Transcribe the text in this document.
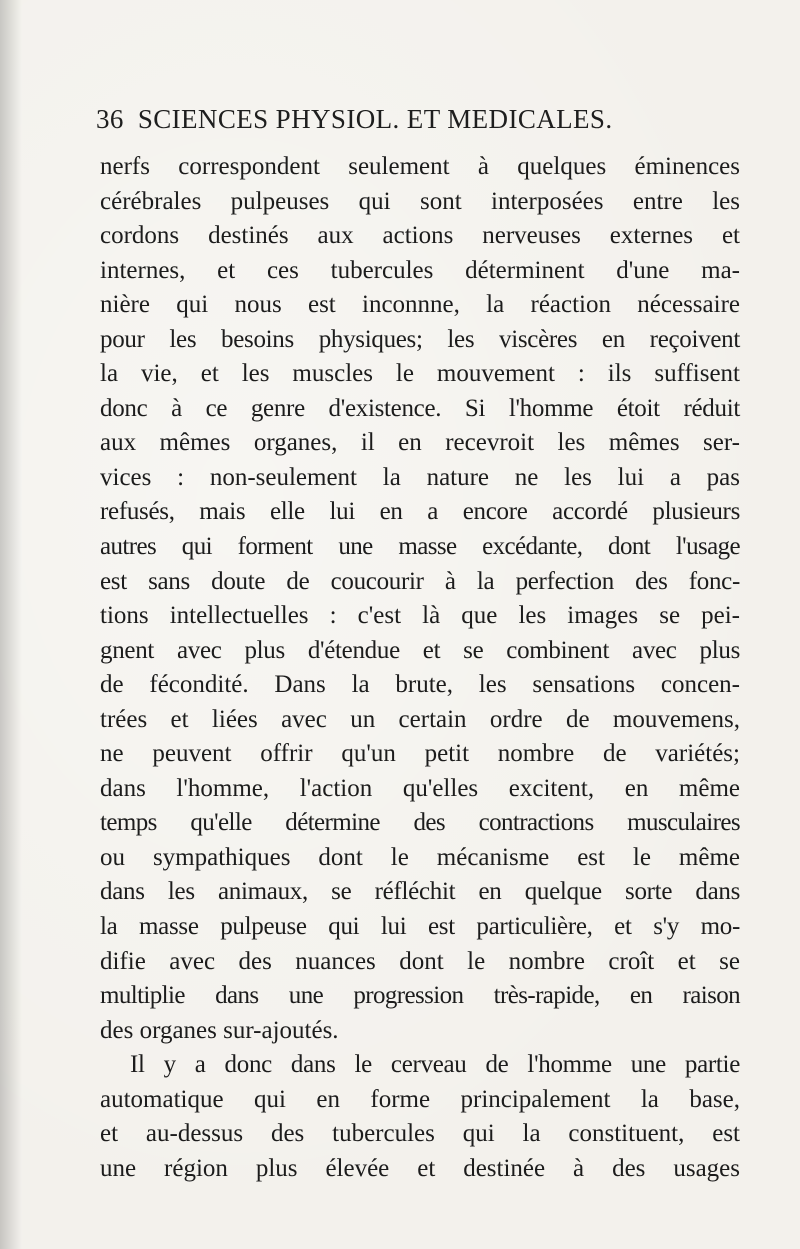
36 SCIENCES PHYSIOL. ET MEDICALES.
nerfs correspondent seulement à quelques éminences
cérébrales pulpeuses qui sont interposées entre les
cordons destinés aux actions nerveuses externes et
internes, et ces tubercules déterminent d'une ma-
nière qui nous est inconnne, la réaction nécessaire
pour les besoins physiques; les viscères en reçoivent
la vie, et les muscles le mouvement : ils suffisent
donc à ce genre d'existence. Si l'homme étoit réduit
aux mêmes organes, il en recevroit les mêmes ser-
vices : non-seulement la nature ne les lui a pas
refusés, mais elle lui en a encore accordé plusieurs
autres qui forment une masse excédante, dont l'usage
est sans doute de coucourir à la perfection des fonc-
tions intellectuelles : c'est là que les images se pei-
gnent avec plus d'étendue et se combinent avec plus
de fécondité. Dans la brute, les sensations concen-
trées et liées avec un certain ordre de mouvemens,
ne peuvent offrir qu'un petit nombre de variétés;
dans l'homme, l'action qu'elles excitent, en même
temps qu'elle détermine des contractions musculaires
ou sympathiques dont le mécanisme est le même
dans les animaux, se réfléchit en quelque sorte dans
la masse pulpeuse qui lui est particulière, et s'y mo-
difie avec des nuances dont le nombre croît et se
multiplie dans une progression très-rapide, en raison
des organes sur-ajoutés.
Il y a donc dans le cerveau de l'homme une partie
automatique qui en forme principalement la base,
et au-dessus des tubercules qui la constituent, est
une région plus élevée et destinée à des usages
